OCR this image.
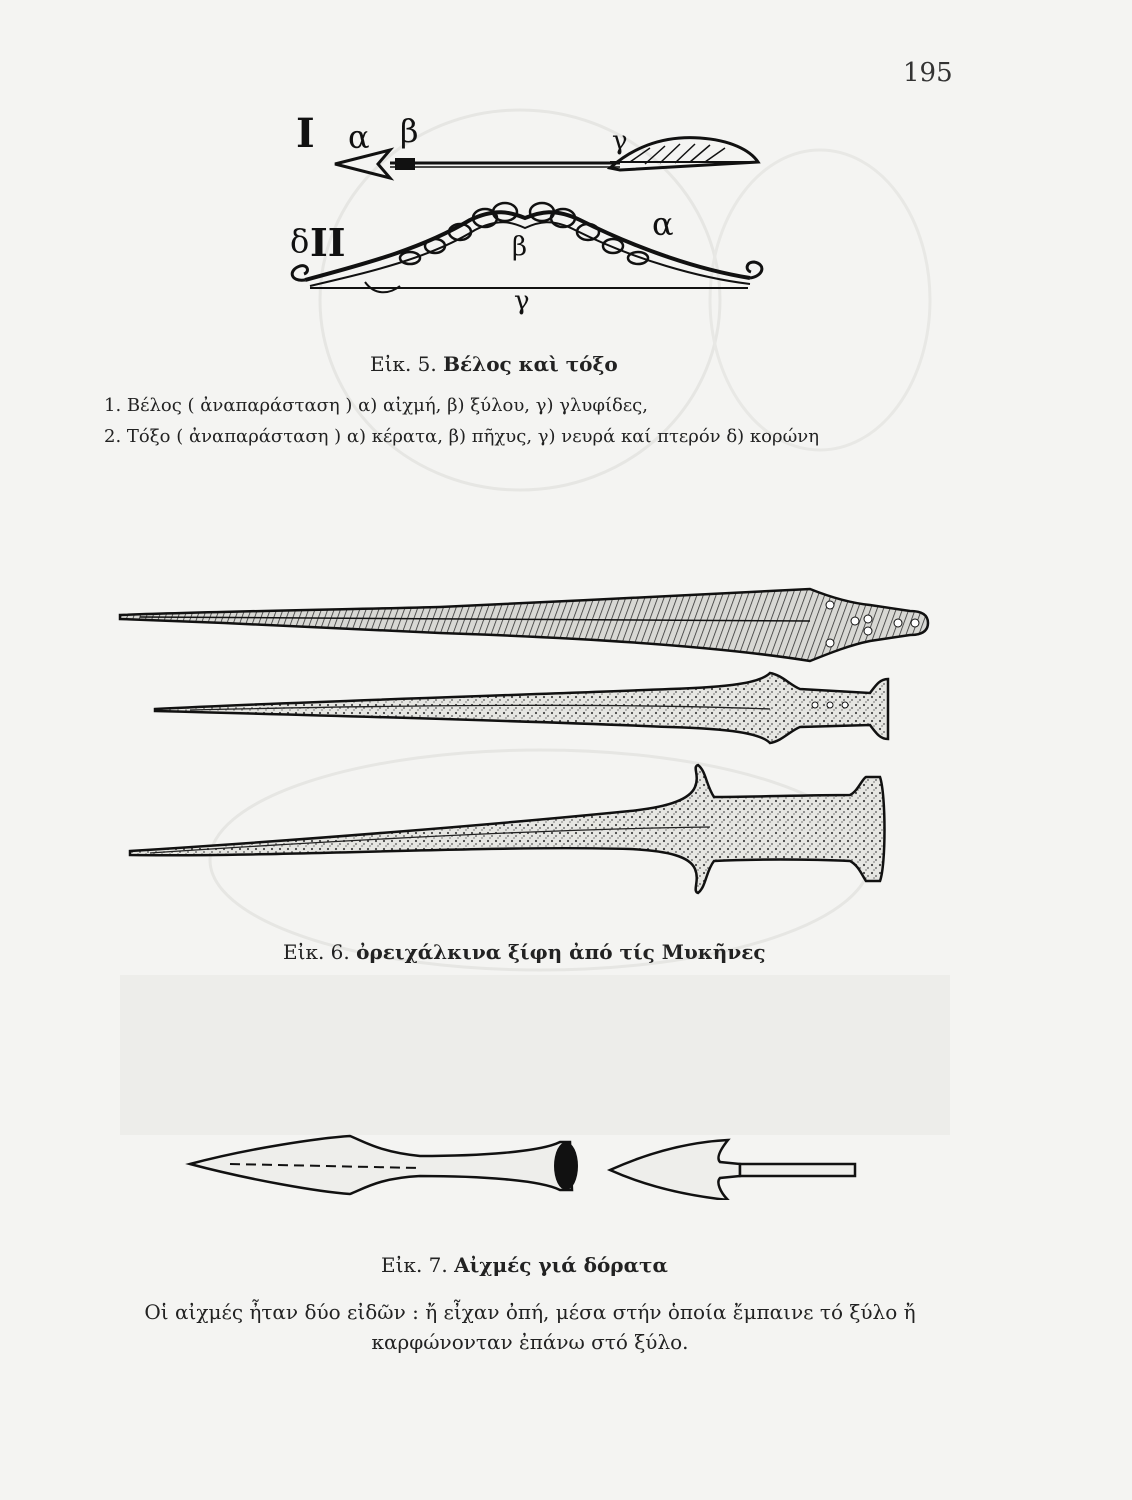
195
I α β	γ
II
δ	α
β
γ
Εἰκ. 5. Βέλος καὶ τόξο
1. Βέλος ( ἀναπαράσταση ) α) αἰχμή, β) ξύλου, γ) γλυφίδες,
2. Τόξο ( ἀναπαράσταση ) α) κέρατα, β) πῆχυς, γ) νευρά καί πτερόν δ) κορώνη
Εἰκ. 6. ὀρειχάλκινα ξίφη ἀπό τίς Μυκῆνες
Εἰκ. 7. Αἰχμές γιά δόρατα
Οἱ αἰχμές ἦταν δύο εἰδῶν : ἤ εἶχαν ὀπή, μέσα στήν ὁποία ἔμπαινε τό ξύλο ἤ καρφώνονταν ἐπάνω στό ξύλο.
